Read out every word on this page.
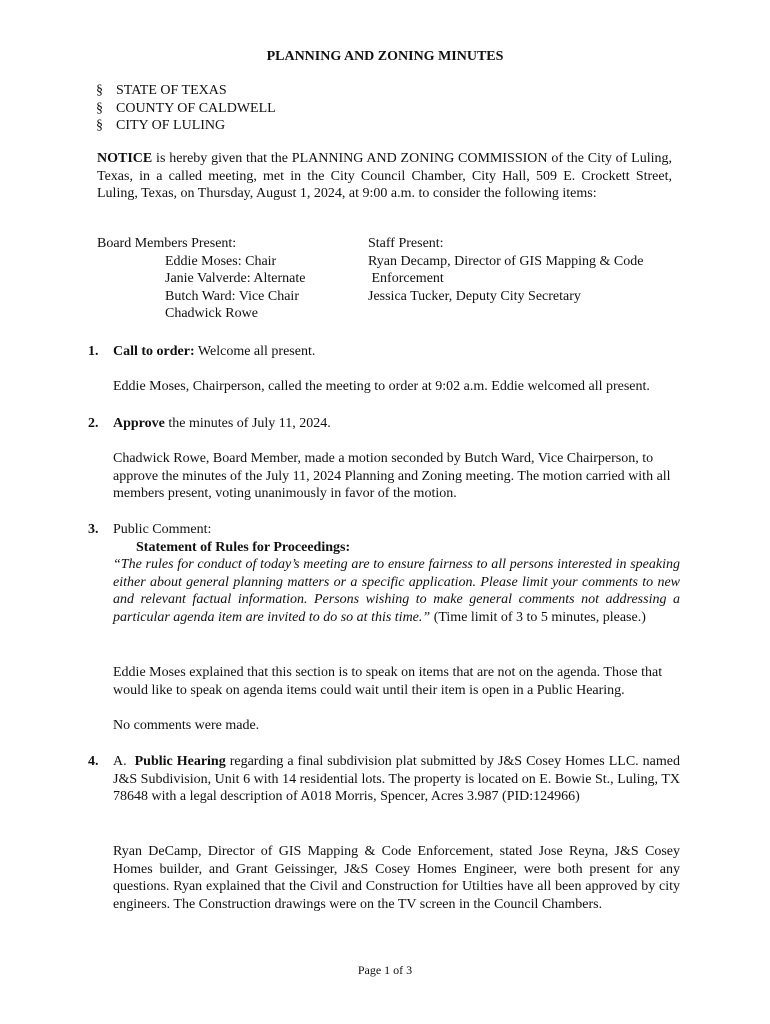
PLANNING AND ZONING MINUTES
§ STATE OF TEXAS
§ COUNTY OF CALDWELL
§ CITY OF LULING
NOTICE is hereby given that the PLANNING AND ZONING COMMISSION of the City of Luling, Texas, in a called meeting, met in the City Council Chamber, City Hall, 509 E. Crockett Street, Luling, Texas, on Thursday, August 1, 2024, at 9:00 a.m. to consider the following items:
Board Members Present:
Eddie Moses: Chair
Janie Valverde: Alternate
Butch Ward: Vice Chair
Chadwick Rowe
Staff Present:
Ryan Decamp, Director of GIS Mapping & Code
Enforcement
Jessica Tucker, Deputy City Secretary
1. Call to order: Welcome all present.
Eddie Moses, Chairperson, called the meeting to order at 9:02 a.m. Eddie welcomed all present.
2. Approve the minutes of July 11, 2024.
Chadwick Rowe, Board Member, made a motion seconded by Butch Ward, Vice Chairperson, to approve the minutes of the July 11, 2024 Planning and Zoning meeting. The motion carried with all members present, voting unanimously in favor of the motion.
3. Public Comment:
Statement of Rules for Proceedings:
“The rules for conduct of today’s meeting are to ensure fairness to all persons interested in speaking either about general planning matters or a specific application. Please limit your comments to new and relevant factual information. Persons wishing to make general comments not addressing a particular agenda item are invited to do so at this time.” (Time limit of 3 to 5 minutes, please.)
Eddie Moses explained that this section is to speak on items that are not on the agenda. Those that would like to speak on agenda items could wait until their item is open in a Public Hearing.
No comments were made.
4. A.  Public Hearing regarding a final subdivision plat submitted by J&S Cosey Homes LLC. named J&S Subdivision, Unit 6 with 14 residential lots. The property is located on E. Bowie St., Luling, TX 78648 with a legal description of A018 Morris, Spencer, Acres 3.987 (PID:124966)
Ryan DeCamp, Director of GIS Mapping & Code Enforcement, stated Jose Reyna, J&S Cosey Homes builder, and Grant Geissinger, J&S Cosey Homes Engineer, were both present for any questions. Ryan explained that the Civil and Construction for Utilties have all been approved by city engineers. The Construction drawings were on the TV screen in the Council Chambers.
Page 1 of 3
